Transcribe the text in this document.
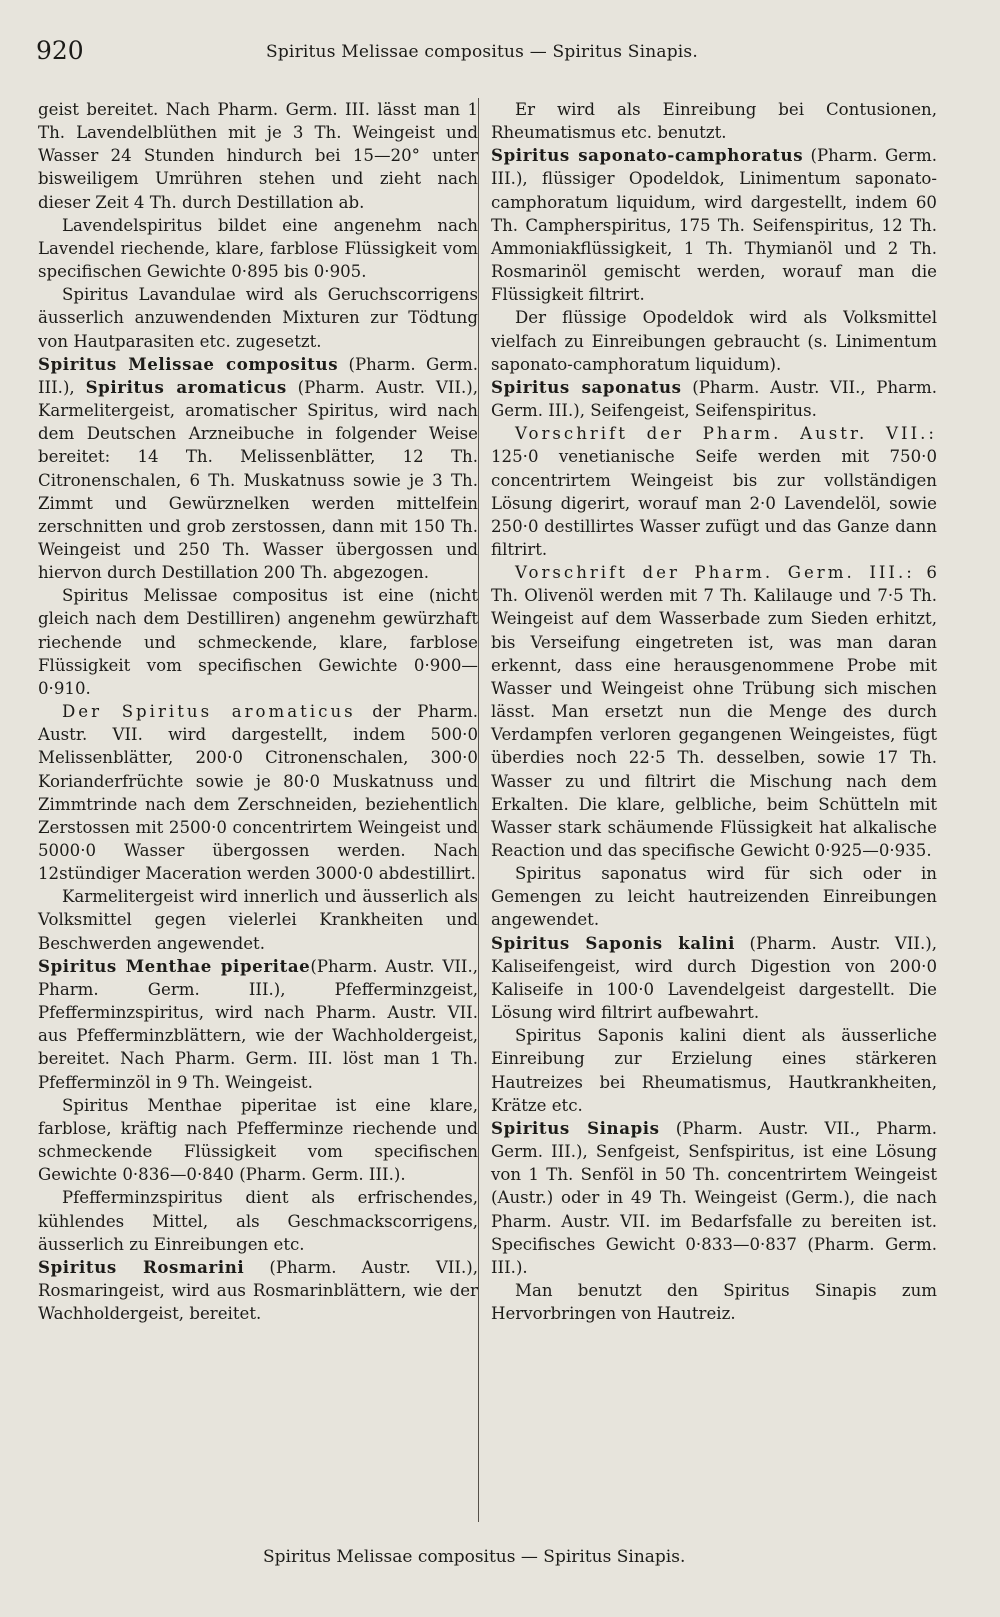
920	Spiritus Melissae compositus — Spiritus Sinapis.

geist bereitet. Nach Pharm. Germ. III. lässt man 1 Th. Lavendelblüthen mit je 3 Th. Weingeist und Wasser 24 Stunden hindurch bei 15—20° unter bisweiligem Umrühren stehen und zieht nach dieser Zeit 4 Th. durch Destillation ab.

Lavendelspiritus bildet eine angenehm nach Lavendel riechende, klare, farblose Flüssigkeit vom specifischen Gewichte 0·895 bis 0·905.

Spiritus Lavandulae wird als Geruchscorrigens äusserlich anzuwendenden Mixturen zur Tödtung von Hautparasiten etc. zugesetzt.

Spiritus Melissae compositus (Pharm. Germ. III.), Spiritus aromaticus (Pharm. Austr. VII.), Karmelitergeist, aromatischer Spiritus, wird nach dem Deutschen Arzneibuche in folgender Weise bereitet: 14 Th. Melissenblätter, 12 Th. Citronenschalen, 6 Th. Muskatnuss sowie je 3 Th. Zimmt und Gewürznelken werden mittelfein zerschnitten und grob zerstossen, dann mit 150 Th. Weingeist und 250 Th. Wasser übergossen und hiervon durch Destillation 200 Th. abgezogen.

Spiritus Melissae compositus ist eine (nicht gleich nach dem Destilliren) angenehm gewürzhaft riechende und schmeckende, klare, farblose Flüssigkeit vom specifischen Gewichte 0·900—0·910.

Der Spiritus aromaticus der Pharm. Austr. VII. wird dargestellt, indem 500·0 Melissenblätter, 200·0 Citronenschalen, 300·0 Korianderfrüchte sowie je 80·0 Muskatnuss und Zimmtrinde nach dem Zerschneiden, beziehentlich Zerstossen mit 2500·0 concentrirtem Weingeist und 5000·0 Wasser übergossen werden. Nach 12stündiger Maceration werden 3000·0 abdestillirt.

Karmelitergeist wird innerlich und äusserlich als Volksmittel gegen vielerlei Krankheiten und Beschwerden angewendet.

Spiritus Menthae piperitae(Pharm. Austr. VII., Pharm. Germ. III.), Pfefferminzgeist, Pfefferminzspiritus, wird nach Pharm. Austr. VII. aus Pfefferminzblättern, wie der Wachholdergeist, bereitet. Nach Pharm. Germ. III. löst man 1 Th. Pfefferminzöl in 9 Th. Weingeist.

Spiritus Menthae piperitae ist eine klare, farblose, kräftig nach Pfefferminze riechende und schmeckende Flüssigkeit vom specifischen Gewichte 0·836—0·840 (Pharm. Germ. III.).

Pfefferminzspiritus dient als erfrischendes, kühlendes Mittel, als Geschmackscorrigens, äusserlich zu Einreibungen etc.

Spiritus Rosmarini (Pharm. Austr. VII.), Rosmaringeist, wird aus Rosmarinblättern, wie der Wachholdergeist, bereitet.

Er wird als Einreibung bei Contusionen, Rheumatismus etc. benutzt.

Spiritus saponato-camphoratus (Pharm. Germ. III.), flüssiger Opodeldok, Linimentum saponato-camphoratum liquidum, wird dargestellt, indem 60 Th. Campherspiritus, 175 Th. Seifenspiritus, 12 Th. Ammoniakflüssigkeit, 1 Th. Thymianöl und 2 Th. Rosmarinöl gemischt werden, worauf man die Flüssigkeit filtrirt.

Der flüssige Opodeldok wird als Volksmittel vielfach zu Einreibungen gebraucht (s. Linimentum saponato-camphoratum liquidum).

Spiritus saponatus (Pharm. Austr. VII., Pharm. Germ. III.), Seifengeist, Seifenspiritus.

Vorschrift der Pharm. Austr. VII.: 125·0 venetianische Seife werden mit 750·0 concentrirtem Weingeist bis zur vollständigen Lösung digerirt, worauf man 2·0 Lavendelöl, sowie 250·0 destillirtes Wasser zufügt und das Ganze dann filtrirt.

Vorschrift der Pharm. Germ. III.: 6 Th. Olivenöl werden mit 7 Th. Kalilauge und 7·5 Th. Weingeist auf dem Wasserbade zum Sieden erhitzt, bis Verseifung eingetreten ist, was man daran erkennt, dass eine herausgenommene Probe mit Wasser und Weingeist ohne Trübung sich mischen lässt. Man ersetzt nun die Menge des durch Verdampfen verloren gegangenen Weingeistes, fügt überdies noch 22·5 Th. desselben, sowie 17 Th. Wasser zu und filtrirt die Mischung nach dem Erkalten. Die klare, gelbliche, beim Schütteln mit Wasser stark schäumende Flüssigkeit hat alkalische Reaction und das specifische Gewicht 0·925—0·935.

Spiritus saponatus wird für sich oder in Gemengen zu leicht hautreizenden Einreibungen angewendet.

Spiritus Saponis kalini (Pharm. Austr. VII.), Kaliseifengeist, wird durch Digestion von 200·0 Kaliseife in 100·0 Lavendelgeist dargestellt. Die Lösung wird filtrirt aufbewahrt.

Spiritus Saponis kalini dient als äusserliche Einreibung zur Erzielung eines stärkeren Hautreizes bei Rheumatismus, Hautkrankheiten, Krätze etc.

Spiritus Sinapis (Pharm. Austr. VII., Pharm. Germ. III.), Senfgeist, Senfspiritus, ist eine Lösung von 1 Th. Senföl in 50 Th. concentrirtem Weingeist (Austr.) oder in 49 Th. Weingeist (Germ.), die nach Pharm. Austr. VII. im Bedarfsfalle zu bereiten ist. Specifisches Gewicht 0·833—0·837 (Pharm. Germ. III.).

Man benutzt den Spiritus Sinapis zum Hervorbringen von Hautreiz.

Spiritus Melissae compositus — Spiritus Sinapis.
